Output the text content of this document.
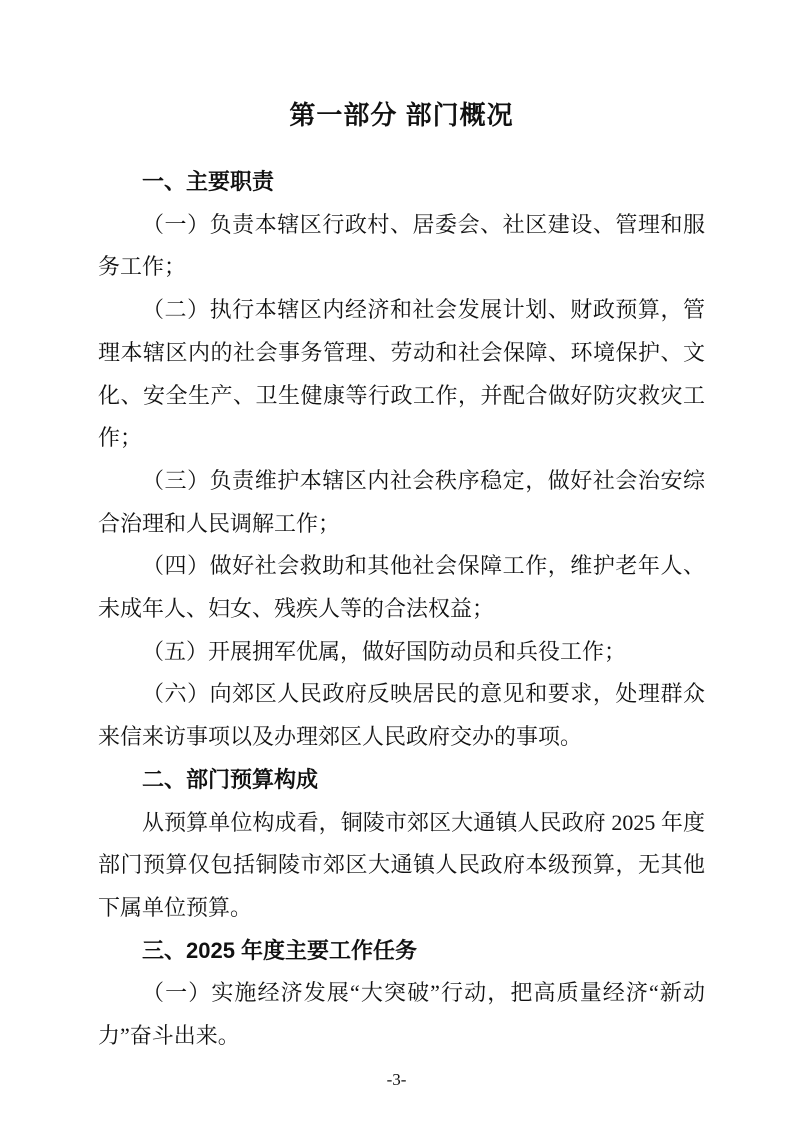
第一部分 部门概况
一、主要职责

（一）负责本辖区行政村、居委会、社区建设、管理和服务工作；

（二）执行本辖区内经济和社会发展计划、财政预算，管理本辖区内的社会事务管理、劳动和社会保障、环境保护、文化、安全生产、卫生健康等行政工作，并配合做好防灾救灾工作；

（三）负责维护本辖区内社会秩序稳定，做好社会治安综合治理和人民调解工作；

（四）做好社会救助和其他社会保障工作，维护老年人、未成年人、妇女、残疾人等的合法权益；

（五）开展拥军优属，做好国防动员和兵役工作；

（六）向郊区人民政府反映居民的意见和要求，处理群众来信来访事项以及办理郊区人民政府交办的事项。

二、部门预算构成

从预算单位构成看，铜陵市郊区大通镇人民政府 2025 年度部门预算仅包括铜陵市郊区大通镇人民政府本级预算，无其他下属单位预算。

三、2025 年度主要工作任务

（一）实施经济发展“大突破”行动，把高质量经济“新动力”奋斗出来。

-3-
